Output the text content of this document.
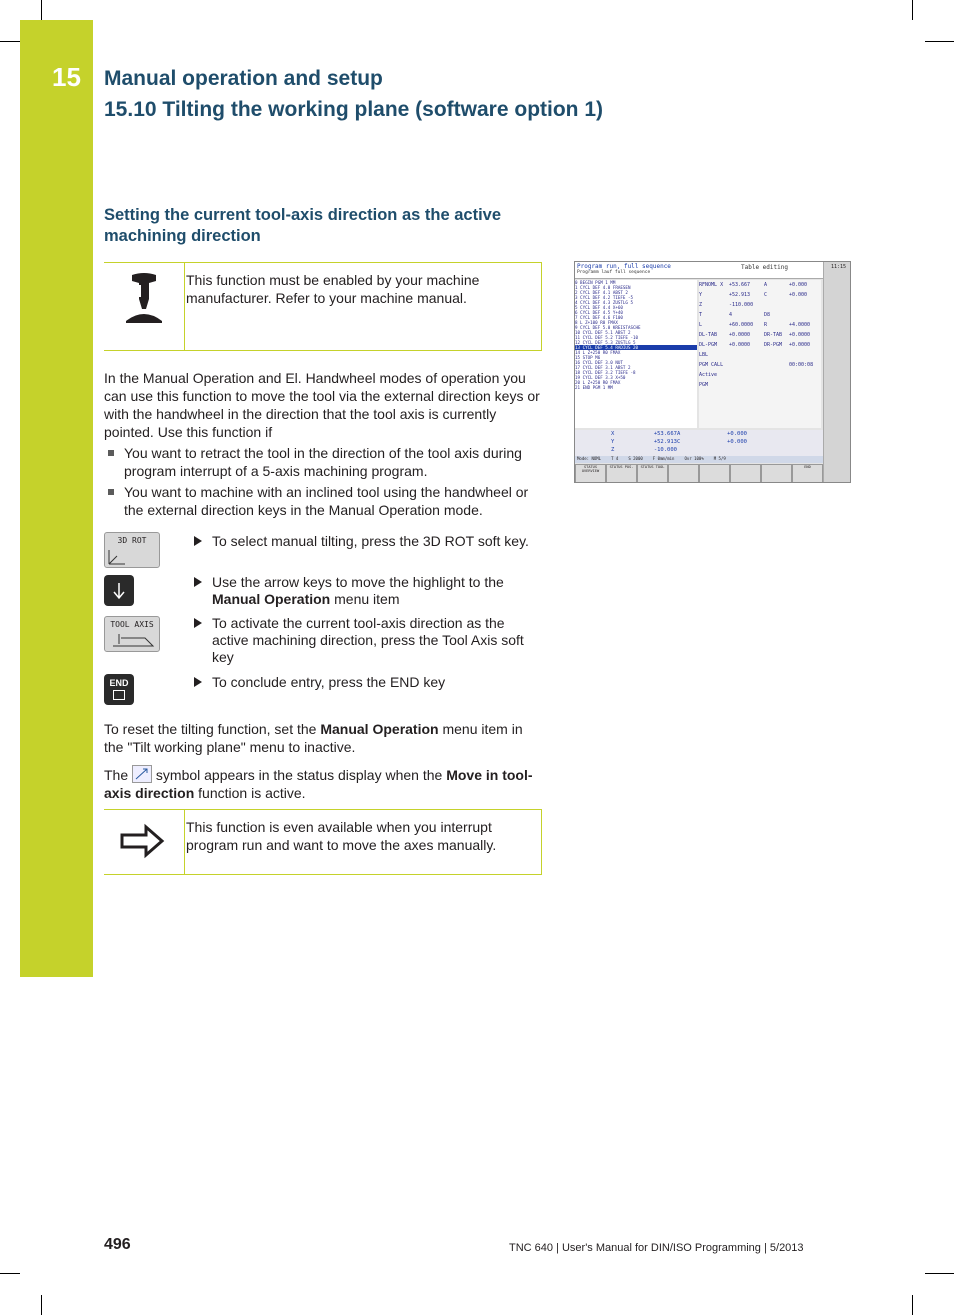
15 Manual operation and setup
15.10 Tilting the working plane (software option 1)
Setting the current tool-axis direction as the active machining direction
This function must be enabled by your machine manufacturer. Refer to your machine manual.
In the Manual Operation and El. Handwheel modes of operation you can use this function to move the tool via the external direction keys or with the handwheel in the direction that the tool axis is currently pointed. Use this function if
You want to retract the tool in the direction of the tool axis during program interrupt of a 5-axis machining program.
You want to machine with an inclined tool using the handwheel or the external direction keys in the Manual Operation mode.
3D ROT
TOOL AXIS
END
To select manual tilting, press the 3D ROT soft key.
Use the arrow keys to move the highlight to the Manual Operation menu item
To activate the current tool-axis direction as the active machining direction, press the Tool Axis soft key
To conclude entry, press the END key
To reset the tilting function, set the Manual Operation menu item in the "Tilt working plane" menu to inactive.
The  symbol appears in the status display when the Move in tool-axis direction function is active.
This function is even available when you interrupt program run and want to move the axes manually.
Program run, full sequence
Programm lauf full sequence
Table editing	11:15
0 BEGIN PGM 1 MM
1 CYCL DEF 4.0 FRAESEN
2 CYCL DEF 4.1 ABST 2
3 CYCL DEF 4.2 TIEFE -5
4 CYCL DEF 4.3 ZUSTLG 5
5 CYCL DEF 4.4 X+60
6 CYCL DEF 4.5 Y+40
7 CYCL DEF 4.6 F100
8 L Z+100 R0 FMAX
9 CYCL DEF 5.0 KREISTASCHE
10 CYCL DEF 5.1 ABST 2
11 CYCL DEF 5.2 TIEFE -10
12 CYCL DEF 5.3 ZUSTLG 5
13 CYCL DEF 5.4 RADIUS 20
14 L Z+250 R0 FMAX
15 STOP M6
16 CYCL DEF 3.0 NUT
17 CYCL DEF 3.1 ABST 2
18 CYCL DEF 3.2 TIEFE -8
19 CYCL DEF 3.3 X+50
20 L Z+250 R0 FMAX
21 END PGM 1 MM
RFNOML X	+53.667	A	+0.000
Y	+52.913	C	+0.000
Z	-110.000
T	4	D8
L	+60.0000	R	+4.0000
DL-TAB	+0.0000	DR-TAB	+0.0000
DL-PGM	+0.0000	DR-PGM	+0.0000
LBL
PGM CALL	00:00:08
Active PGM
X	+53.667 A	+0.000
Y	+52.913 C	+0.000
Z	-10.000
Mode: NOML	T 4	S 2000	F 0mm/min	Ovr 100%	M 5/9
STATUS OVERVIEW
STATUS POS.	STATUS TOOL	END
496	TNC 640 | User's Manual for DIN/ISO Programming | 5/2013
